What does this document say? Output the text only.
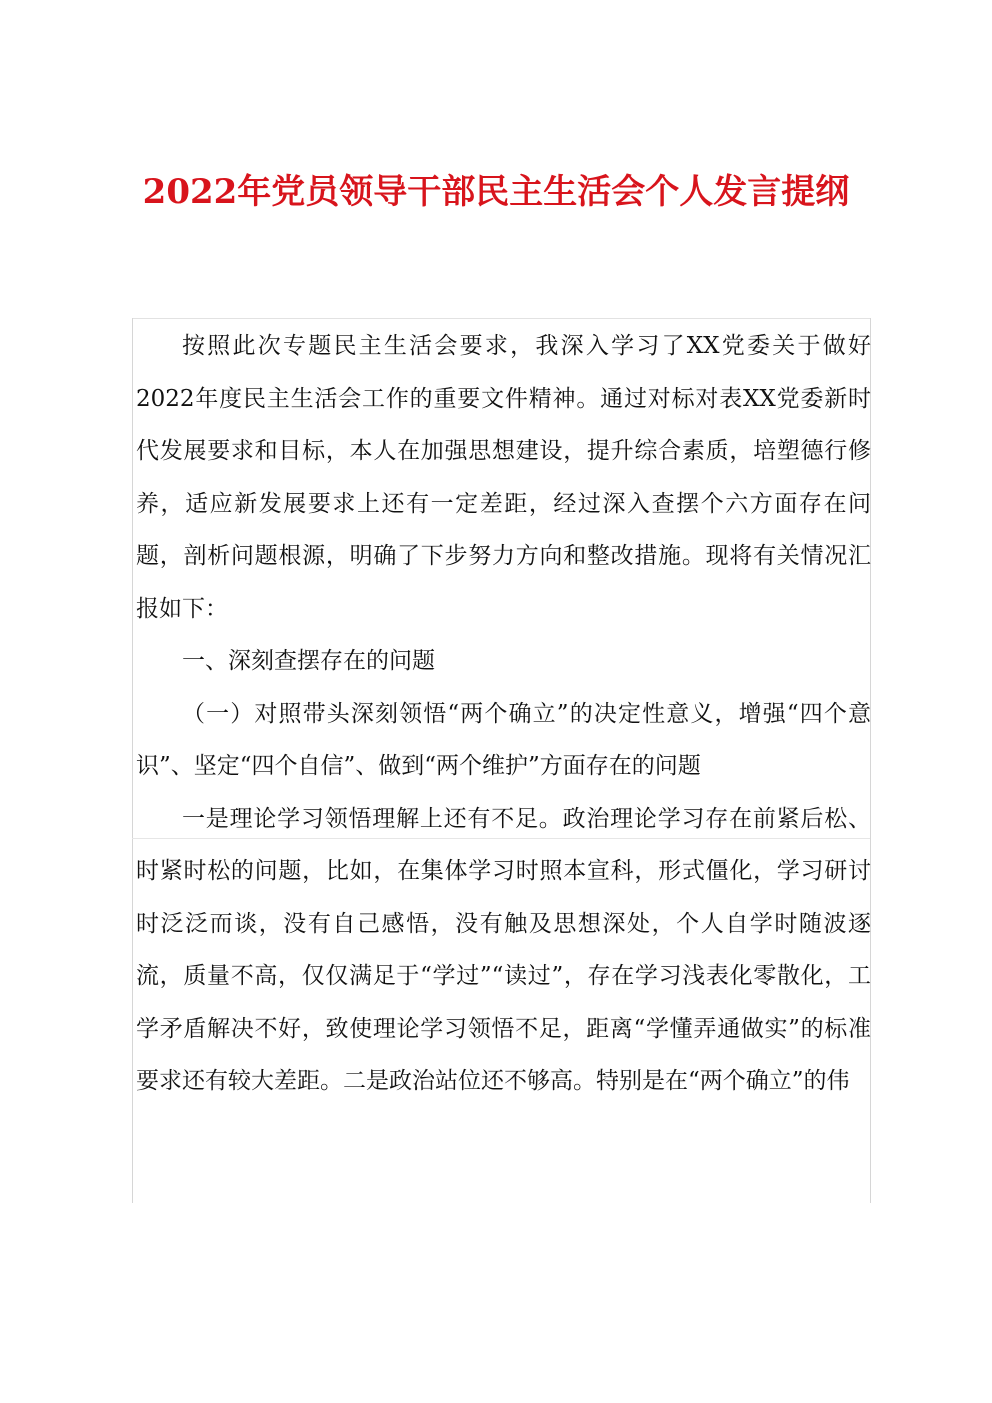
2022年党员领导干部民主生活会个人发言提纲

按照此次专题民主生活会要求，我深入学习了XX党委关于做好2022年度民主生活会工作的重要文件精神。通过对标对表XX党委新时代发展要求和目标，本人在加强思想建设，提升综合素质，培塑德行修养，适应新发展要求上还有一定差距，经过深入查摆个六方面存在问题，剖析问题根源，明确了下步努力方向和整改措施。现将有关情况汇报如下：

一、深刻查摆存在的问题

（一）对照带头深刻领悟“两个确立”的决定性意义，增强“四个意识”、坚定“四个自信”、做到“两个维护”方面存在的问题

一是理论学习领悟理解上还有不足。政治理论学习存在前紧后松、时紧时松的问题，比如，在集体学习时照本宣科，形式僵化，学习研讨时泛泛而谈，没有自己感悟，没有触及思想深处，个人自学时随波逐流，质量不高，仅仅满足于“学过”“读过”，存在学习浅表化零散化，工学矛盾解决不好，致使理论学习领悟不足，距离“学懂弄通做实”的标准要求还有较大差距。二是政治站位还不够高。特别是在“两个确立”的伟
